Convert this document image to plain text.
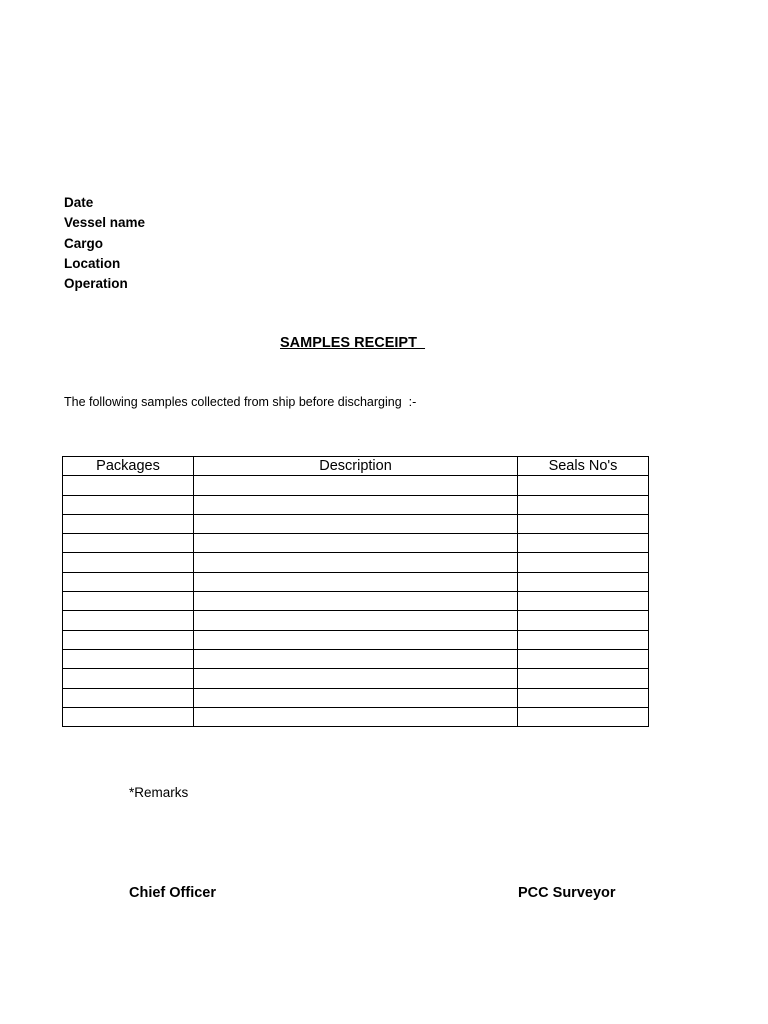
Date
Vessel name
Cargo
Location
Operation

SAMPLES RECEIPT

The following samples collected from ship before discharging  :-

Packages	Description	Seals No's

*Remarks

Chief Officer	PCC Surveyor
